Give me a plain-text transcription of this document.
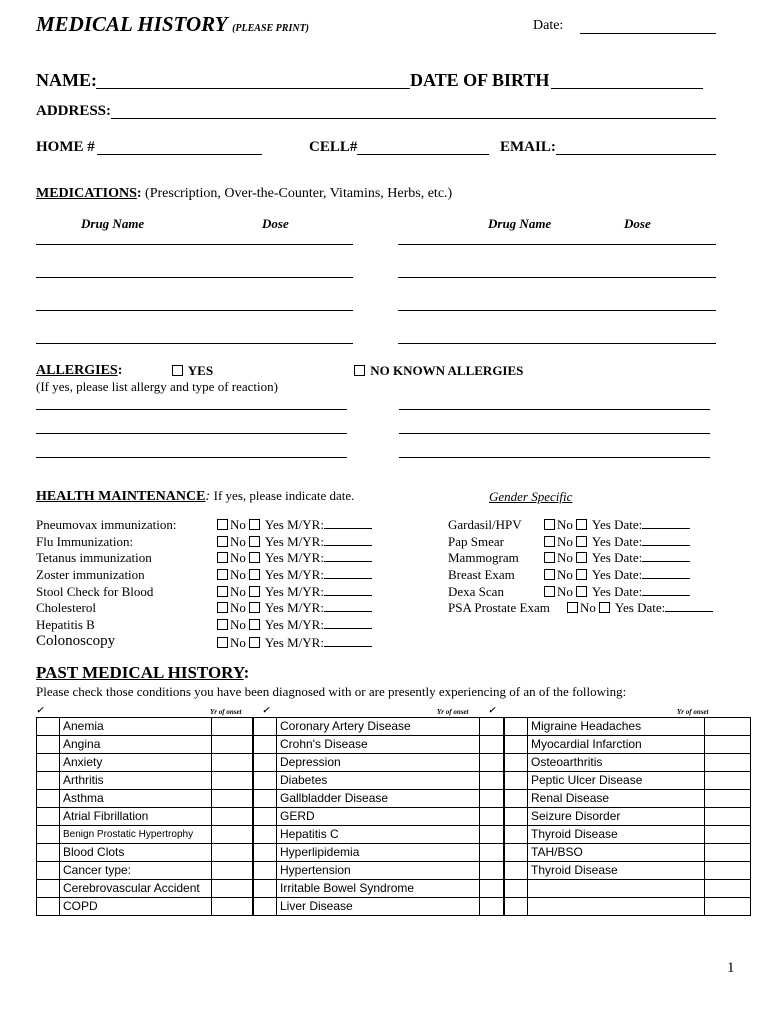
MEDICAL HISTORY (PLEASE PRINT)	Date:
NAME:	DATE OF BIRTH
ADDRESS:
HOME #	CELL#	EMAIL:
MEDICATIONS: (Prescription, Over-the-Counter, Vitamins, Herbs, etc.)
Drug Name	Dose	Drug Name	Dose
ALLERGIES:	YES	NO KNOWN ALLERGIES
(If yes, please list allergy and type of reaction)
HEALTH MAINTENANCE: If yes, please indicate date.	Gender Specific
Pneumovax immunization:	No Yes M/YR:
Flu Immunization:	No Yes M/YR:
Tetanus immunization	No Yes M/YR:
Zoster immunization	No Yes M/YR:
Stool Check for Blood	No Yes M/YR:
Cholesterol	No Yes M/YR:
Hepatitis B	No Yes M/YR:
Colonoscopy	No Yes M/YR:
Gardasil/HPV	No Yes Date:
Pap Smear	No Yes Date:
Mammogram	No Yes Date:
Breast Exam	No Yes Date:
Dexa Scan	No Yes Date:
PSA Prostate Exam	No Yes Date:
PAST MEDICAL HISTORY:
Please check those conditions you have been diagnosed with or are presently experiencing of an of the following:
✓	Yr of onset ✓	Yr of onset ✓	Yr of onset
	Anemia			Coronary Artery Disease			Migraine Headaches	
	Angina			Crohn's Disease			Myocardial Infarction	
	Anxiety			Depression			Osteoarthritis	
	Arthritis			Diabetes			Peptic Ulcer Disease	
	Asthma			Gallbladder Disease			Renal Disease	
	Atrial Fibrillation			GERD			Seizure Disorder	
	Benign Prostatic Hypertrophy			Hepatitis C			Thyroid Disease	
	Blood Clots			Hyperlipidemia			TAH/BSO	
	Cancer type:			Hypertension			Thyroid Disease	
	Cerebrovascular Accident			Irritable Bowel Syndrome				
	COPD			Liver Disease				
1
